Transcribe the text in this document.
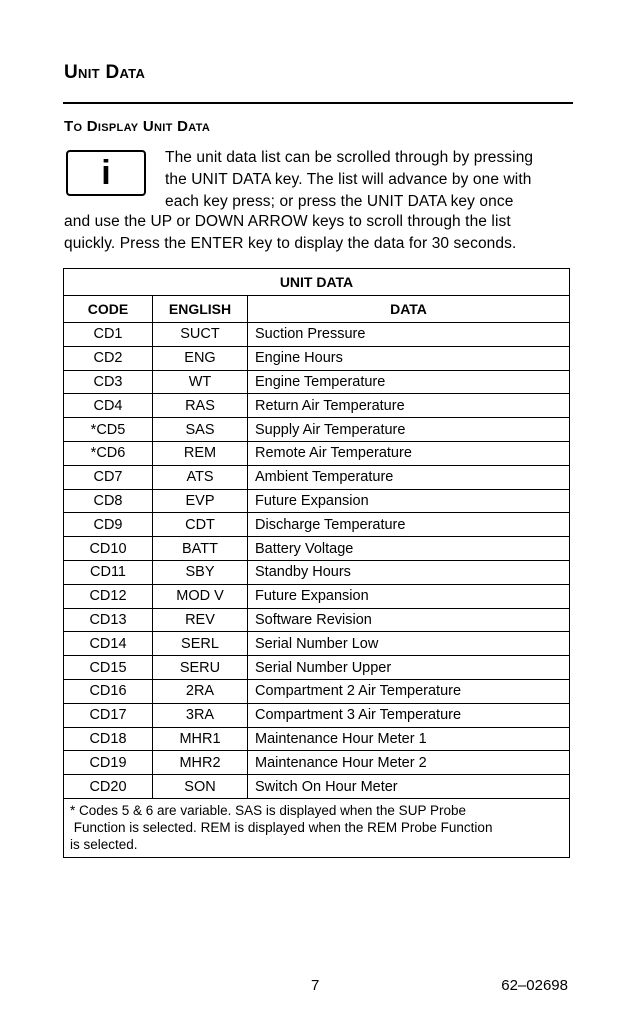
Unit Data
To Display Unit Data
i	The unit data list can be scrolled through by pressing
the UNIT DATA key. The list will advance by one with
each key press; or press the UNIT DATA key once
and use the UP or DOWN ARROW keys to scroll through the list
quickly. Press the ENTER key to display the data for 30 seconds.
UNIT DATA		
CODE	ENGLISH	DATA
CD1	SUCT	Suction Pressure
CD2	ENG	Engine Hours
CD3	WT	Engine Temperature
CD4	RAS	Return Air Temperature
*CD5	SAS	Supply Air Temperature
*CD6	REM	Remote Air Temperature
CD7	ATS	Ambient Temperature
CD8	EVP	Future Expansion
CD9	CDT	Discharge Temperature
CD10	BATT	Battery Voltage
CD11	SBY	Standby Hours
CD12	MOD V	Future Expansion
CD13	REV	Software Revision
CD14	SERL	Serial Number Low
CD15	SERU	Serial Number Upper
CD16	2RA	Compartment 2 Air Temperature
CD17	3RA	Compartment 3 Air Temperature
CD18	MHR1	Maintenance Hour Meter 1
CD19	MHR2	Maintenance Hour Meter 2
CD20	SON	Switch On Hour Meter

* Codes 5 & 6 are variable. SAS is displayed when the SUP Probe
Function is selected. REM is displayed when the REM Probe Function
is selected.		
7	62–02698
